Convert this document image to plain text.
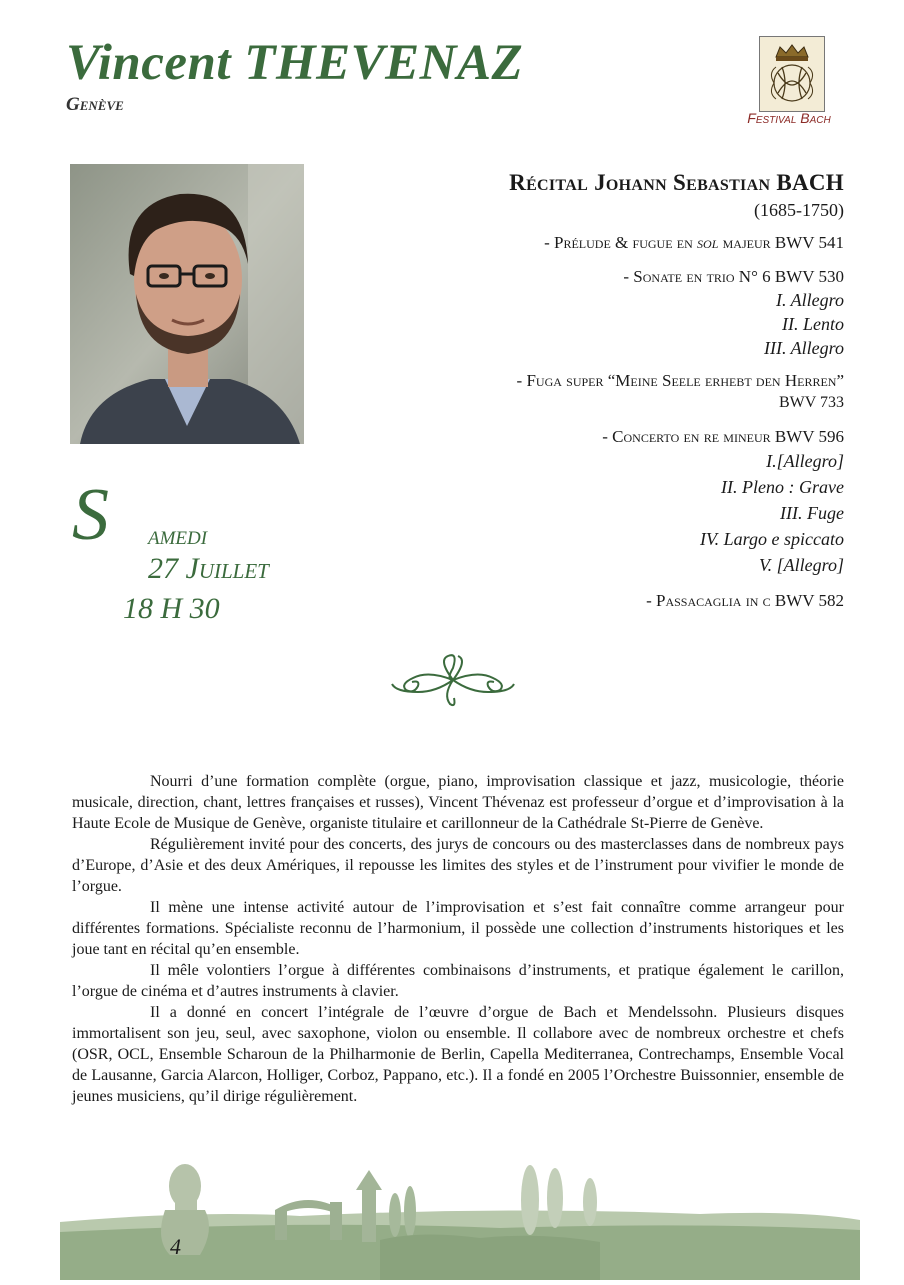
Vincent THEVENAZ
Genève
Festival Bach
Récital Johann Sebastian BACH
(1685-1750)
- Prélude & fugue en sol majeur BWV 541
- Sonate en trio N° 6 BWV 530
I. Allegro
II. Lento
III. Allegro
- Fuga super “Meine Seele erhebt den Herren”
BWV 733
- Concerto en re mineur BWV 596
I.[Allegro]
II. Pleno : Grave
III. Fuge
IV. Largo e spiccato
V. [Allegro]
- Passacaglia in c BWV 582
S amedi
27 Juillet
18 H 30

Nourri d’une formation complète (orgue, piano, improvisation classique et jazz, musicologie, théorie musicale, direction, chant, lettres françaises et russes), Vincent Thévenaz est professeur d’orgue et d’improvisation à la Haute Ecole de Musique de Genève, organiste titulaire et carillonneur de la Cathédrale St-Pierre de Genève.

Régulièrement invité pour des concerts, des jurys de concours ou des masterclasses dans de nombreux pays d’Europe, d’Asie et des deux Amériques, il repousse les limites des styles et de l’instrument pour vivifier le monde de l’orgue.

Il mène une intense activité autour de l’improvisation et s’est fait connaître comme arrangeur pour différentes formations. Spécialiste reconnu de l’harmonium, il possède une collection d’instruments historiques et les joue tant en récital qu’en ensemble.

Il mêle volontiers l’orgue à différentes combinaisons d’instruments, et pratique également le carillon, l’orgue de cinéma et d’autres instruments à clavier.

Il a donné en concert l’intégrale de l’œuvre d’orgue de Bach et Mendelssohn. Plusieurs disques immortalisent son jeu, seul, avec saxophone, violon ou ensemble. Il collabore avec de nombreux orchestre et chefs (OSR, OCL, Ensemble Scharoun de la Philharmonie de Berlin, Capella Mediterranea, Contrechamps, Ensemble Vocal de Lausanne, Garcia Alarcon, Holliger, Corboz, Pappano, etc.). Il a fondé en 2005 l’Orchestre Buissonnier, ensemble de jeunes musiciens, qu’il dirige régulièrement.

4
